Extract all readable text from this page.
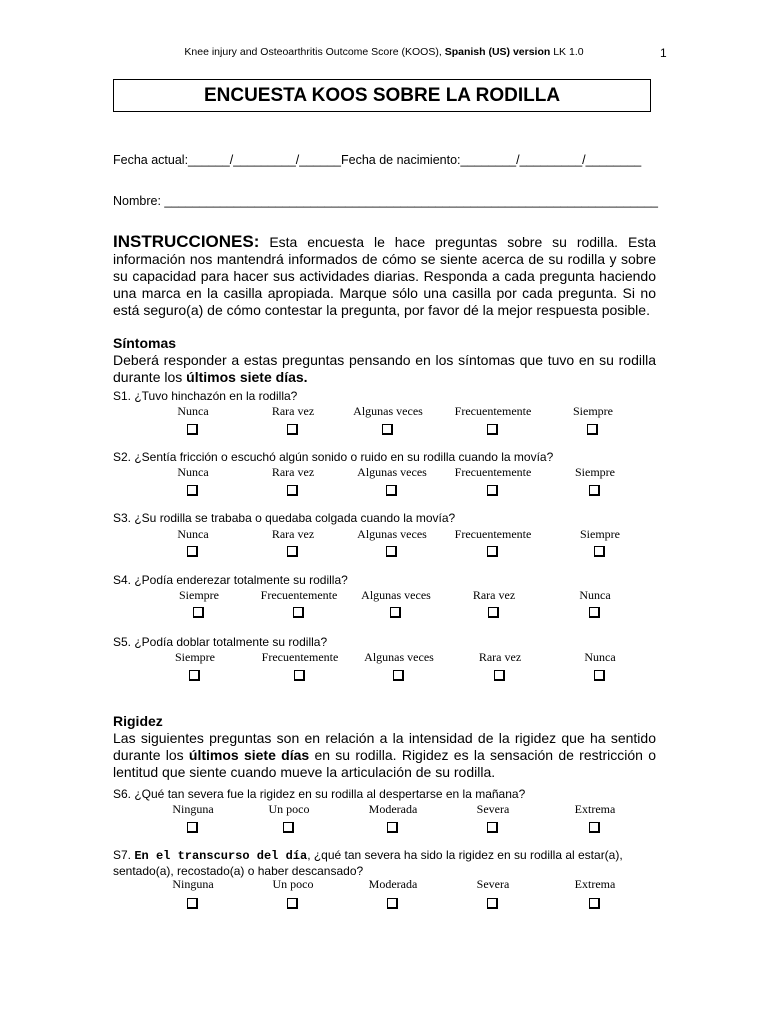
Knee injury and Osteoarthritis Outcome Score (KOOS), Spanish (US) version LK 1.0	1
ENCUESTA KOOS SOBRE LA RODILLA
Fecha actual:______/_________/______Fecha de nacimiento:________/_________/________
Nombre: _______________________________________________________________________
INSTRUCCIONES: Esta encuesta le hace preguntas sobre su rodilla. Esta información nos mantendrá informados de cómo se siente acerca de su rodilla y sobre su capacidad para hacer sus actividades diarias. Responda a cada pregunta haciendo una marca en la casilla apropiada. Marque sólo una casilla por cada pregunta. Si no está seguro(a) de cómo contestar la pregunta, por favor dé la mejor respuesta posible.
Síntomas
Deberá responder a estas preguntas pensando en los síntomas que tuvo en su rodilla durante los últimos siete días.
Rigidez
Las siguientes preguntas son en relación a la intensidad de la rigidez que ha sentido durante los últimos siete días en su rodilla. Rigidez es la sensación de restricción o lentitud que siente cuando mueve la articulación de su rodilla.
S1. ¿Tuvo hinchazón en la rodilla?
S2. ¿Sentía fricción o escuchó algún sonido o ruido en su rodilla cuando la movía?
S3. ¿Su rodilla se trababa o quedaba colgada cuando la movía?
S4. ¿Podía enderezar totalmente su rodilla?
S5. ¿Podía doblar totalmente su rodilla?
S6. ¿Qué tan severa fue la rigidez en su rodilla al despertarse en la mañana?
S7. En el transcurso del día, ¿qué tan severa ha sido la rigidez en su rodilla al estar(a), sentado(a), recostado(a) o haber descansado?
Nunca	Rara vez	Algunas veces	Frecuentemente	Siempre
Nunca	Rara vez	Algunas veces	Frecuentemente	Siempre
Nunca	Rara vez	Algunas veces	Frecuentemente	Siempre
Siempre	Frecuentemente	Algunas veces	Rara vez	Nunca
Siempre	Frecuentemente	Algunas veces	Rara vez	Nunca
Ninguna	Un poco	Moderada	Severa	Extrema
Ninguna	Un poco	Moderada	Severa	Extrema
